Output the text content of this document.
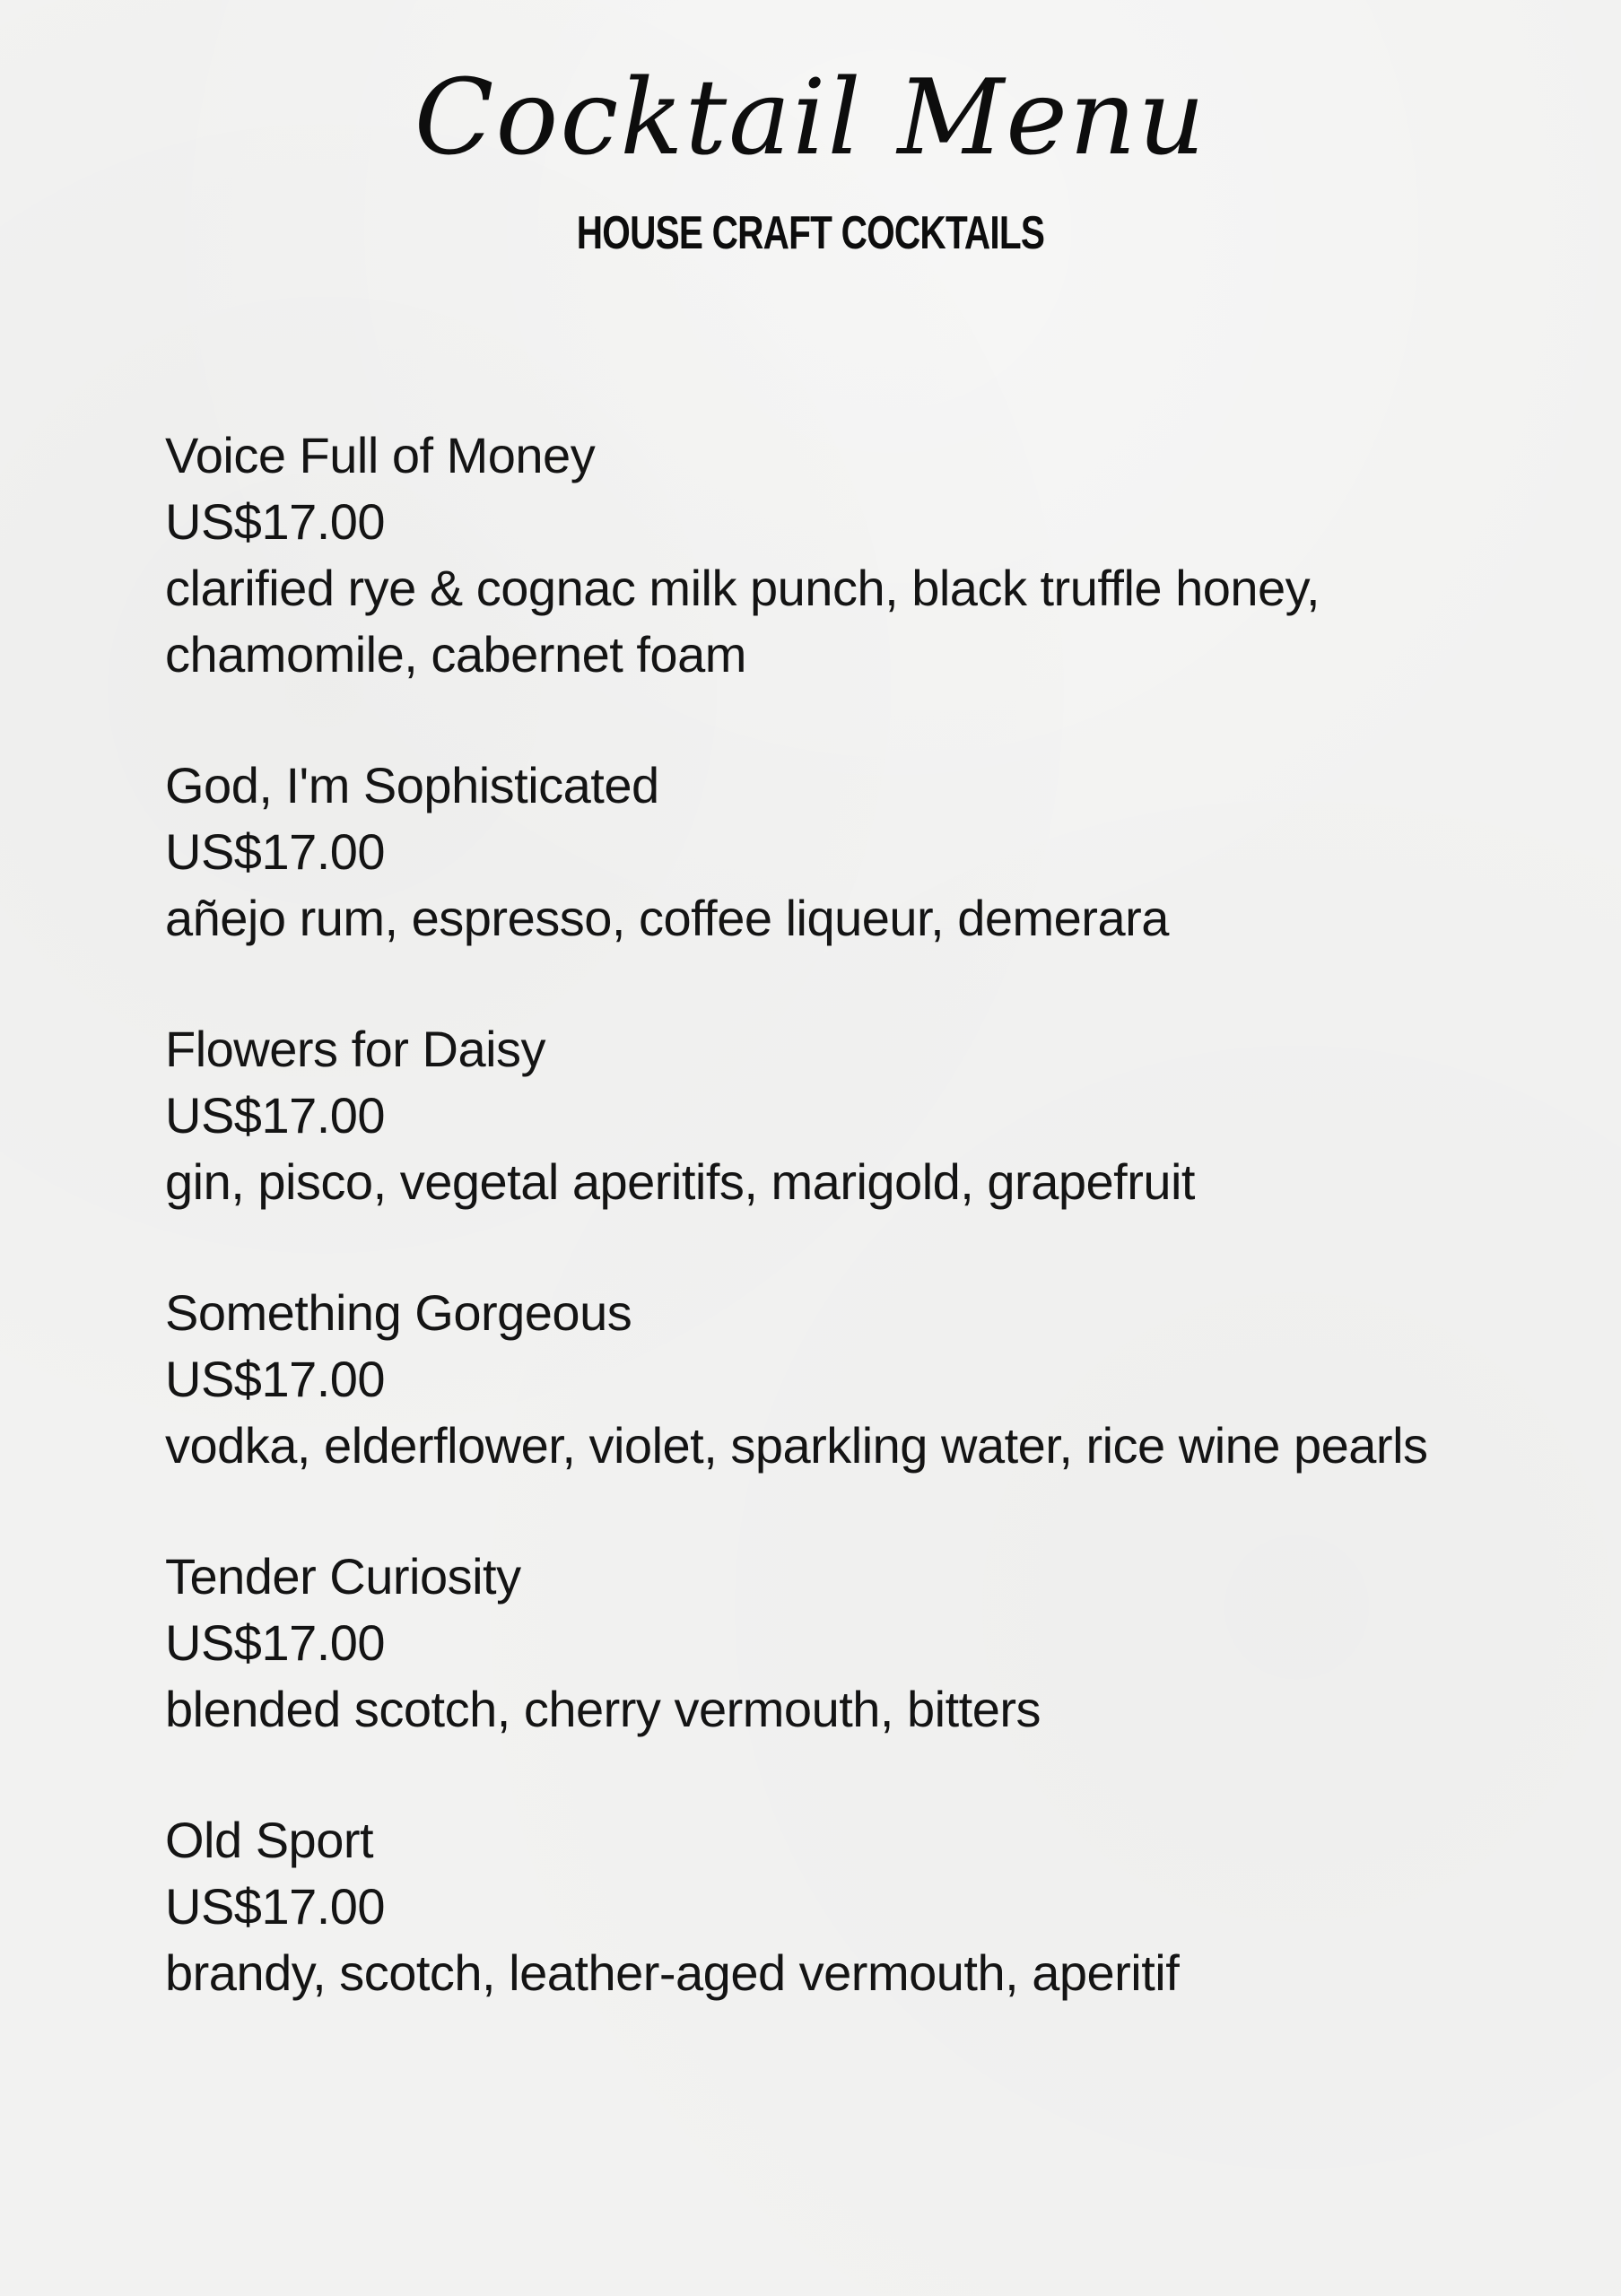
Cocktail Menu
HOUSE CRAFT COCKTAILS
Voice Full of Money
US$17.00
clarified rye & cognac milk punch, black truffle honey, chamomile, cabernet foam
God, I'm Sophisticated
US$17.00
añejo rum, espresso, coffee liqueur, demerara
Flowers for Daisy
US$17.00
gin, pisco, vegetal aperitifs, marigold, grapefruit
Something Gorgeous
US$17.00
vodka, elderflower, violet, sparkling water, rice wine pearls
Tender Curiosity
US$17.00
blended scotch, cherry vermouth, bitters
Old Sport
US$17.00
brandy, scotch, leather-aged vermouth, aperitif
